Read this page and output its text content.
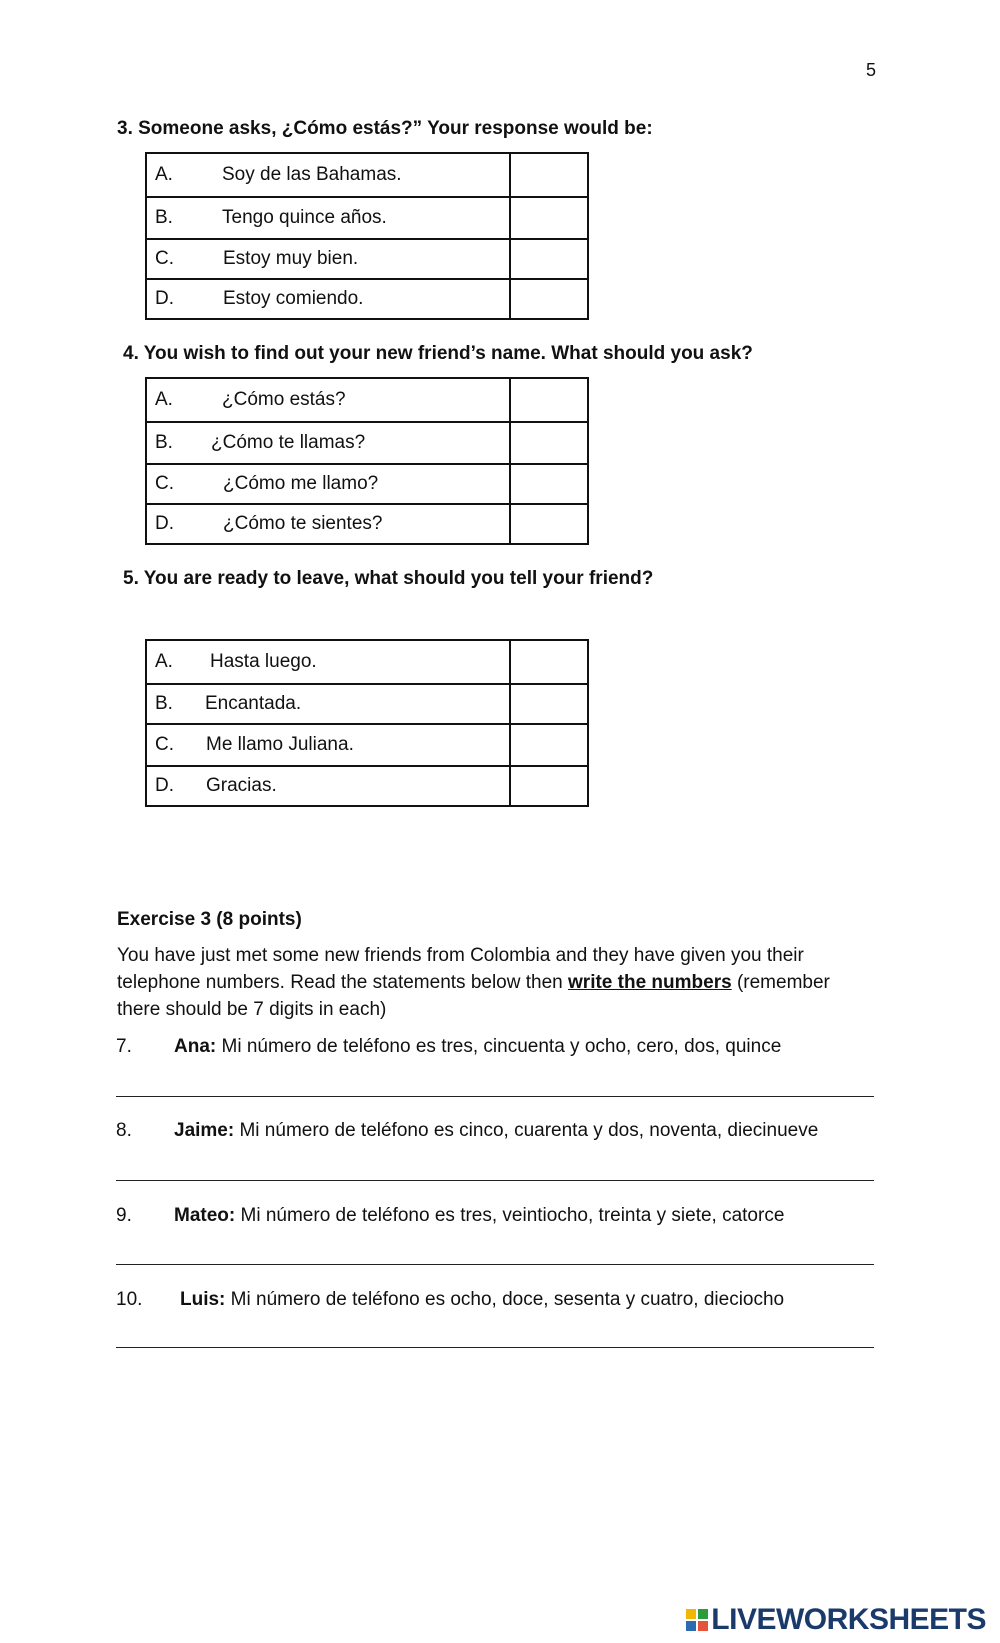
5
3. Someone asks, ¿Cómo estás?” Your response would be:
A. Soy de las Bahamas.

B. Tengo quince años.

C. Estoy muy bien.

D. Estoy comiendo.

4. You wish to find out your new friend’s name. What should you ask?
A. ¿Cómo estás?

B. ¿Cómo te llamas?

C. ¿Cómo me llamo?

D. ¿Cómo te sientes?

5. You are ready to leave, what should you tell your friend?
A. Hasta luego.

B. Encantada.

C. Me llamo Juliana.

D. Gracias.

Exercise 3 (8 points)
You have just met some new friends from Colombia and they have given you their telephone numbers. Read the statements below then write the numbers (remember there should be 7 digits in each)
7. Ana: Mi número de teléfono es tres, cincuenta y ocho, cero, dos, quince
8. Jaime: Mi número de teléfono es cinco, cuarenta y dos, noventa, diecinueve
9. Mateo: Mi número de teléfono es tres, veintiocho, treinta y siete, catorce
10. Luis: Mi número de teléfono es ocho, doce, sesenta y cuatro, dieciocho
LIVEWORKSHEETS
